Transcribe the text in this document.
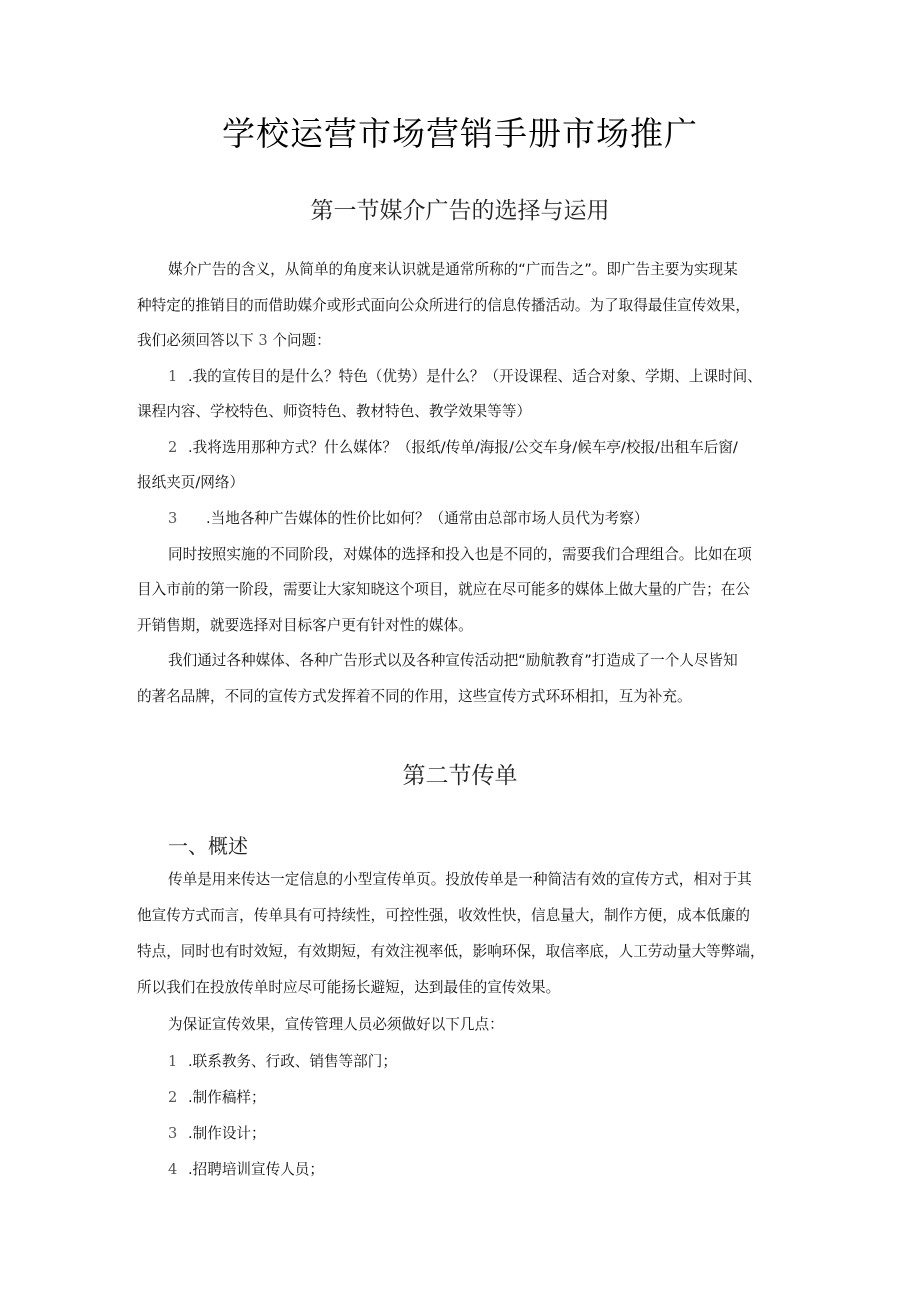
学校运营市场营销手册市场推广
第一节媒介广告的选择与运用
媒介广告的含义，从简单的角度来认识就是通常所称的“广而告之”。即广告主要为实现某
种特定的推销目的而借助媒介或形式面向公众所进行的信息传播活动。为了取得最佳宣传效果，
我们必须回答以下 3 个问题：
1 .我的宣传目的是什么？特色（优势）是什么？（开设课程、适合对象、学期、上课时间、
课程内容、学校特色、师资特色、教材特色、教学效果等等）
2 .我将选用那种方式？什么媒体？（报纸/传单/海报/公交车身/候车亭/校报/出租车后窗/
报纸夹页/网络）
3 .当地各种广告媒体的性价比如何？（通常由总部市场人员代为考察）
同时按照实施的不同阶段，对媒体的选择和投入也是不同的，需要我们合理组合。比如在项
目入市前的第一阶段，需要让大家知晓这个项目，就应在尽可能多的媒体上做大量的广告；在公
开销售期，就要选择对目标客户更有针对性的媒体。
我们通过各种媒体、各种广告形式以及各种宣传活动把“励航教育”打造成了一个人尽皆知
的著名品牌，不同的宣传方式发挥着不同的作用，这些宣传方式环环相扣，互为补充。
第二节传单
一、概述
传单是用来传达一定信息的小型宣传单页。投放传单是一种简洁有效的宣传方式，相对于其
他宣传方式而言，传单具有可持续性，可控性强，收效性快，信息量大，制作方便，成本低廉的
特点，同时也有时效短，有效期短，有效注视率低，影响环保，取信率底，人工劳动量大等弊端，
所以我们在投放传单时应尽可能扬长避短，达到最佳的宣传效果。
为保证宣传效果，宣传管理人员必须做好以下几点：
1 .联系教务、行政、销售等部门；
2 .制作稿样；
3 .制作设计；
4 .招聘培训宣传人员；
